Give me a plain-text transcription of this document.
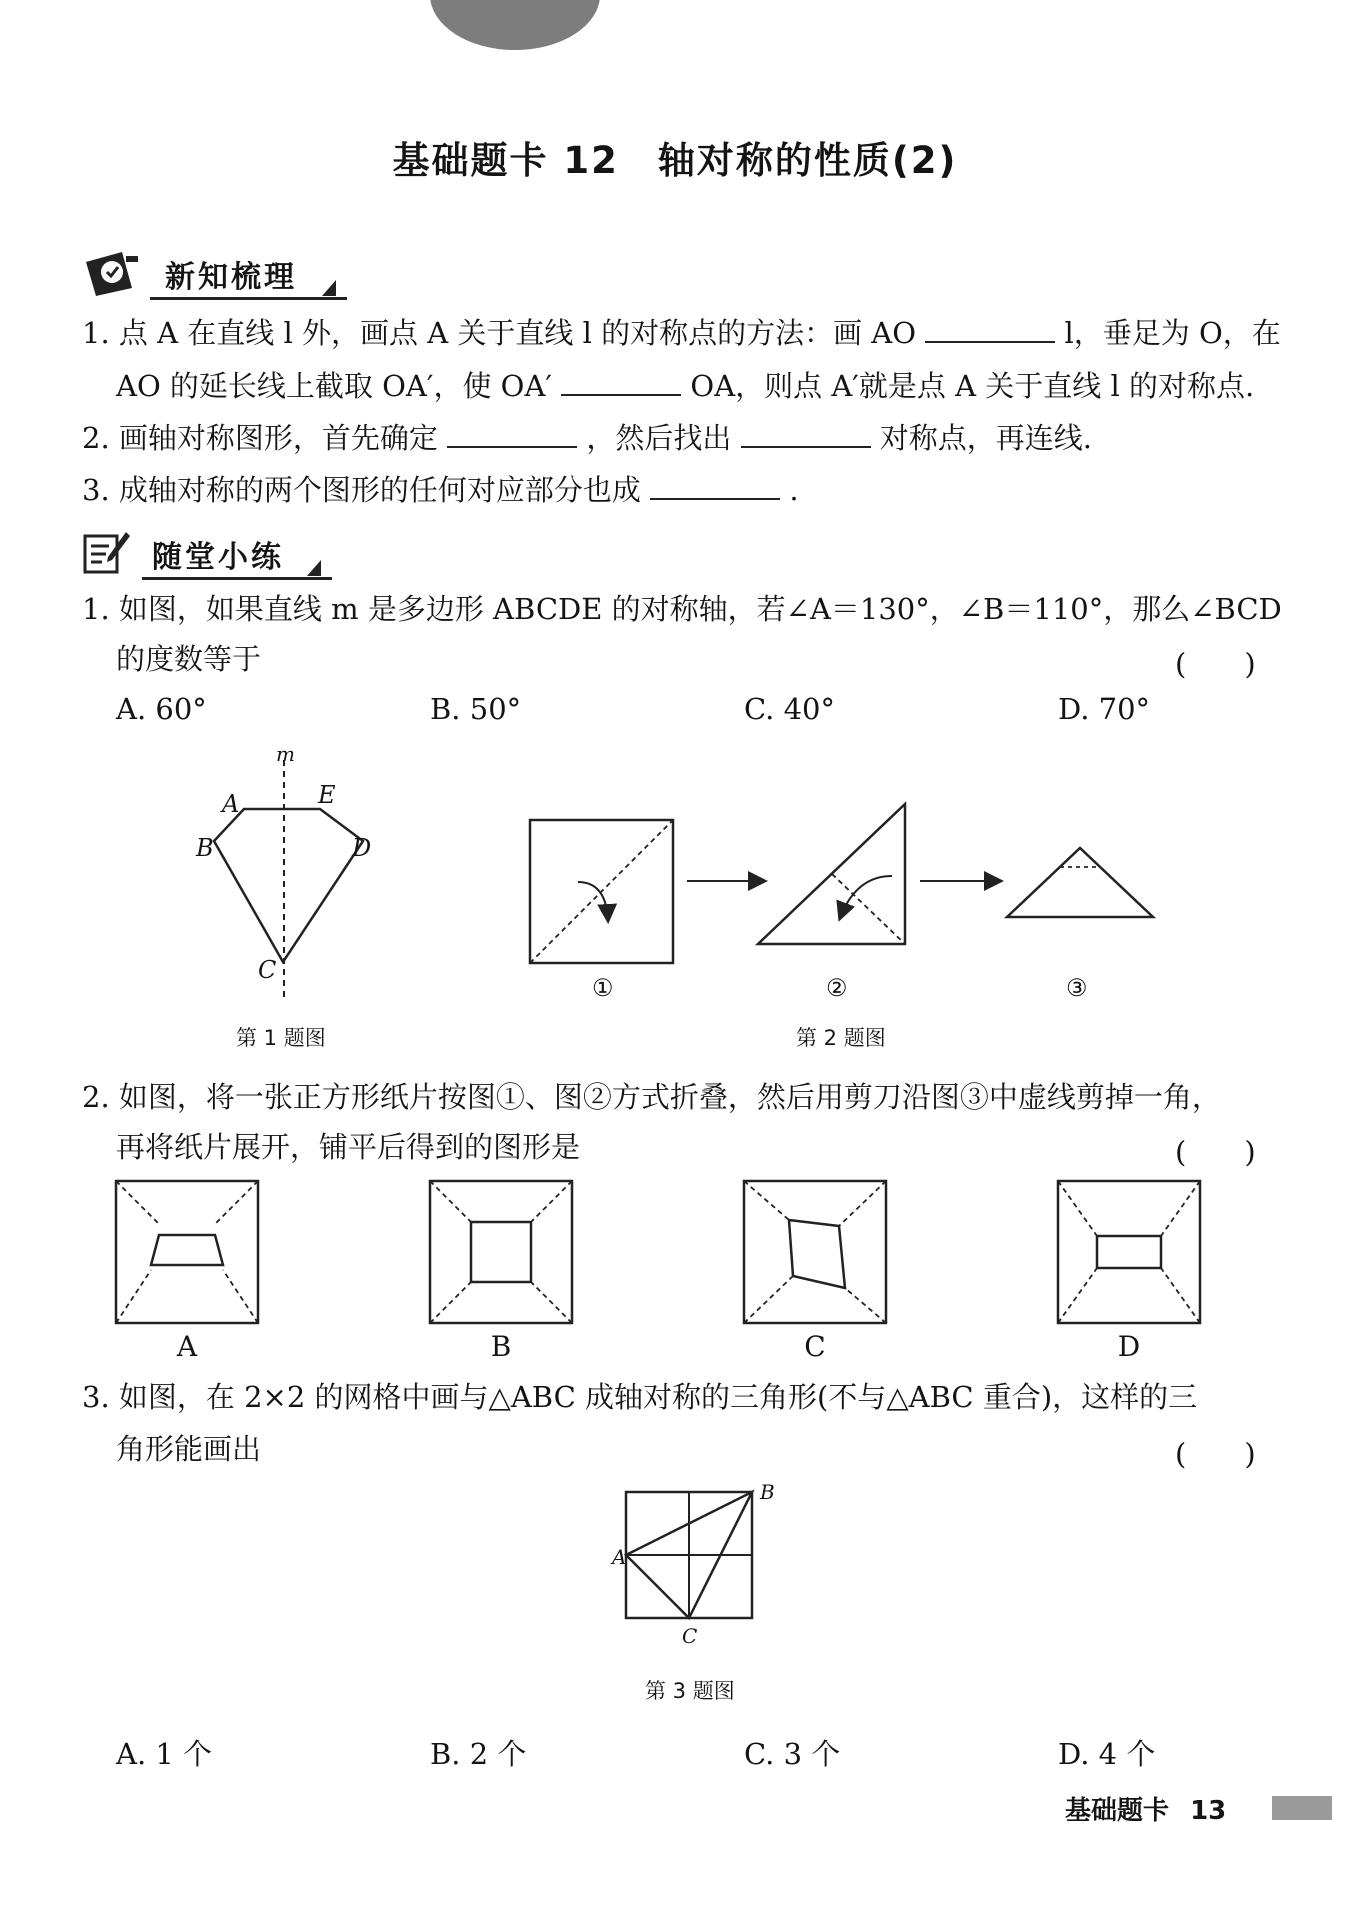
基础题卡 12　轴对称的性质(2)
新知梳理
1. 点 A 在直线 l 外，画点 A 关于直线 l 的对称点的方法：画 AO	l，垂足为 O，在
AO 的延长线上截取 OA′，使 OA′	OA，则点 A′就是点 A 关于直线 l 的对称点.
2. 画轴对称图形，首先确定	，然后找出	对称点，再连线.
3. 成轴对称的两个图形的任何对应部分也成	.
随堂小练
1. 如图，如果直线 m 是多边形 ABCDE 的对称轴，若∠A＝130°，∠B＝110°，那么∠BCD
的度数等于	(　　)
A. 60°	B. 50°	C. 40°	D. 70°
m
A	E
B	D
C
第 1 题图
①	②	③
第 2 题图
2. 如图，将一张正方形纸片按图①、图②方式折叠，然后用剪刀沿图③中虚线剪掉一角，
再将纸片展开，铺平后得到的图形是	(　　)
A	B	C	D
3. 如图，在 2×2 的网格中画与△ABC 成轴对称的三角形(不与△ABC 重合)，这样的三
角形能画出	(　　)
A
B
C
第 3 题图
A. 1 个	B. 2 个	C. 3 个	D. 4 个
基础题卡 13
